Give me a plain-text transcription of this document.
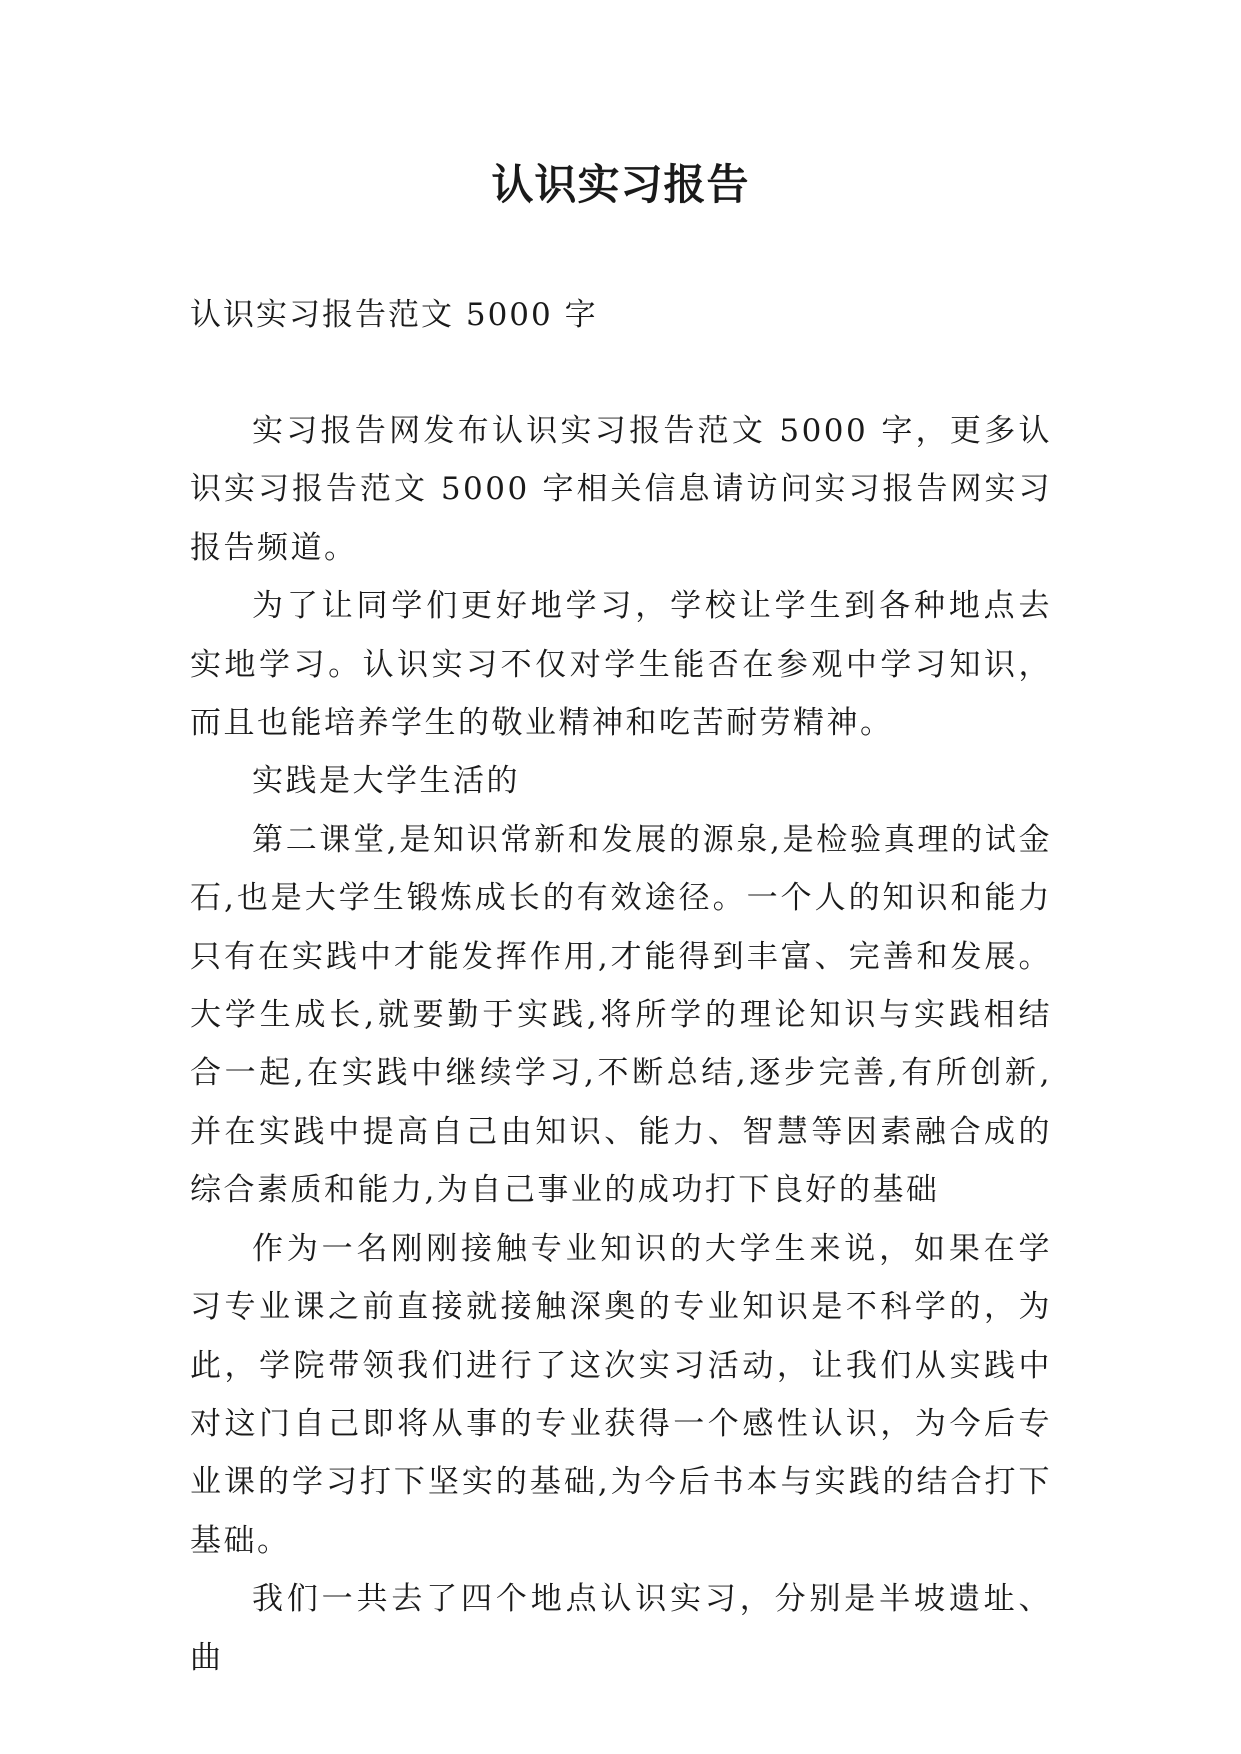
认识实习报告

认识实习报告范文 5000 字

实习报告网发布认识实习报告范文 5000 字，更多认识实习报告范文 5000 字相关信息请访问实习报告网实习报告频道。

为了让同学们更好地学习，学校让学生到各种地点去实地学习。认识实习不仅对学生能否在参观中学习知识，而且也能培养学生的敬业精神和吃苦耐劳精神。

实践是大学生活的

第二课堂,是知识常新和发展的源泉,是检验真理的试金石,也是大学生锻炼成长的有效途径。一个人的知识和能力只有在实践中才能发挥作用,才能得到丰富、完善和发展。大学生成长,就要勤于实践,将所学的理论知识与实践相结合一起,在实践中继续学习,不断总结,逐步完善,有所创新,并在实践中提高自己由知识、能力、智慧等因素融合成的综合素质和能力,为自己事业的成功打下良好的基础

作为一名刚刚接触专业知识的大学生来说，如果在学习专业课之前直接就接触深奥的专业知识是不科学的，为此，学院带领我们进行了这次实习活动，让我们从实践中对这门自己即将从事的专业获得一个感性认识，为今后专业课的学习打下坚实的基础,为今后书本与实践的结合打下基础。

我们一共去了四个地点认识实习，分别是半坡遗址、曲
